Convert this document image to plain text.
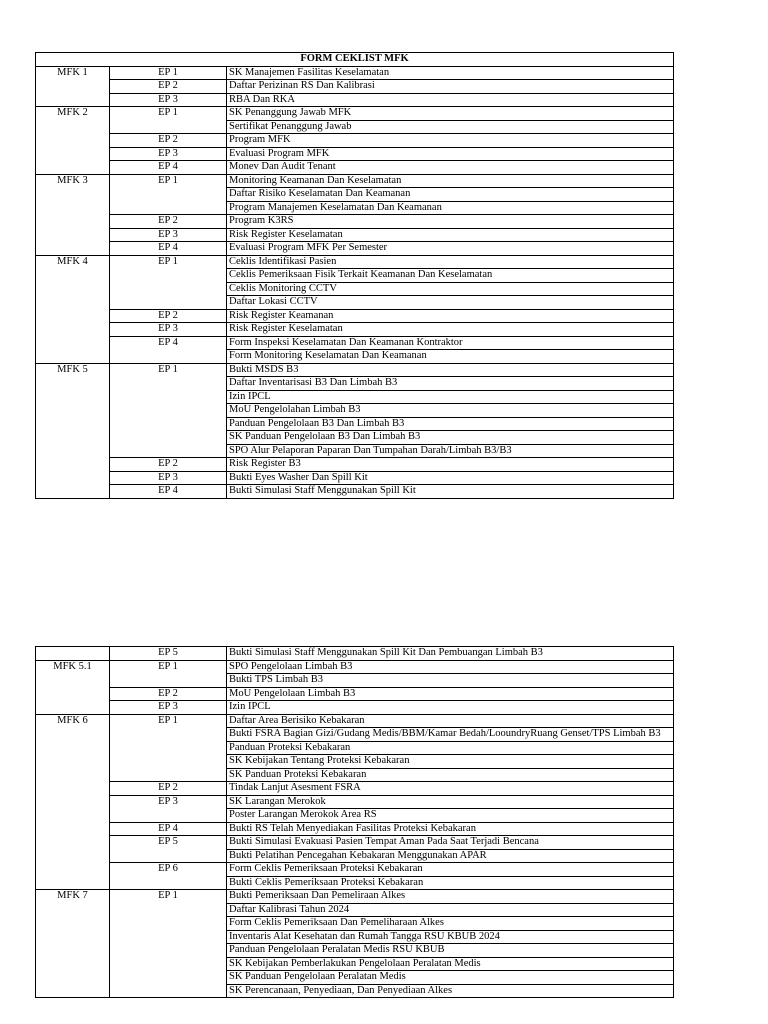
FORM CEKLIST MFK		
MFK 1	EP 1	SK Manajemen Fasilitas Keselamatan
	EP 2	Daftar Perizinan RS Dan Kalibrasi
	EP 3	RBA Dan RKA
MFK 2	EP 1	SK Penanggung Jawab MFK
		Sertifikat Penanggung Jawab
	EP 2	Program MFK
	EP 3	Evaluasi Program MFK
	EP 4	Monev Dan Audit Tenant
MFK 3	EP 1	Monitoring Keamanan Dan Keselamatan
		Daftar Risiko Keselamatan Dan Keamanan
		Program Manajemen Keselamatan Dan Keamanan
	EP 2	Program K3RS
	EP 3	Risk Register Keselamatan
	EP 4	Evaluasi Program MFK Per Semester
MFK 4	EP 1	Ceklis Identifikasi Pasien
		Ceklis Pemeriksaan Fisik Terkait Keamanan Dan Keselamatan
		Ceklis Monitoring CCTV
		Daftar Lokasi CCTV
	EP 2	Risk Register Keamanan
	EP 3	Risk Register Keselamatan
	EP 4	Form Inspeksi Keselamatan Dan Keamanan Kontraktor
		Form Monitoring Keselamatan Dan Keamanan
MFK 5	EP 1	Bukti MSDS B3
		Daftar Inventarisasi B3 Dan Limbah B3
		Izin IPCL
		MoU Pengelolahan Limbah B3
		Panduan Pengelolaan B3 Dan Limbah B3
		SK Panduan Pengelolaan B3 Dan Limbah B3
		SPO Alur Pelaporan Paparan Dan Tumpahan Darah/Limbah B3/B3
	EP 2	Risk Register B3
	EP 3	Bukti Eyes Washer Dan Spill Kit
	EP 4	Bukti Simulasi Staff Menggunakan Spill Kit
	EP 5	Bukti Simulasi Staff Menggunakan Spill Kit Dan Pembuangan Limbah B3
MFK 5.1	EP 1	SPO Pengelolaan Limbah B3
		Bukti TPS Limbah B3
	EP 2	MoU Pengelolaan Limbah B3
	EP 3	Izin IPCL
MFK 6	EP 1	Daftar Area Berisiko Kebakaran
		Bukti FSRA Bagian Gizi/Gudang Medis/BBM/Kamar Bedah/LooundryRuang Genset/TPS Limbah B3
		Panduan Proteksi Kebakaran
		SK Kebijakan Tentang Proteksi Kebakaran
		SK Panduan Proteksi Kebakaran
	EP 2	Tindak Lanjut Asesment FSRA
	EP 3	SK Larangan Merokok
		Poster Larangan Merokok Area RS
	EP 4	Bukti RS Telah Menyediakan Fasilitas Proteksi Kebakaran
	EP 5	Bukti Simulasi Evakuasi Pasien Tempat Aman Pada Saat Terjadi Bencana
		Bukti Pelatihan Pencegahan Kebakaran Menggunakan APAR
	EP 6	Form Ceklis Pemeriksaan Proteksi Kebakaran
		Bukti Ceklis Pemeriksaan Proteksi Kebakaran
MFK 7	EP 1	Bukti Pemeriksaan Dan Pemeliraan Alkes
		Daftar Kalibrasi Tahun 2024
		Form Ceklis Pemeriksaan Dan Pemeliharaan Alkes
		Inventaris Alat Kesehatan dan Rumah Tangga RSU KBUB 2024
		Panduan Pengelolaan Peralatan Medis RSU KBUB
		SK Kebijakan Pemberlakukan Pengelolaan Peralatan Medis
		SK Panduan Pengelolaan Peralatan Medis
		SK Perencanaan, Penyediaan, Dan Penyediaan Alkes
